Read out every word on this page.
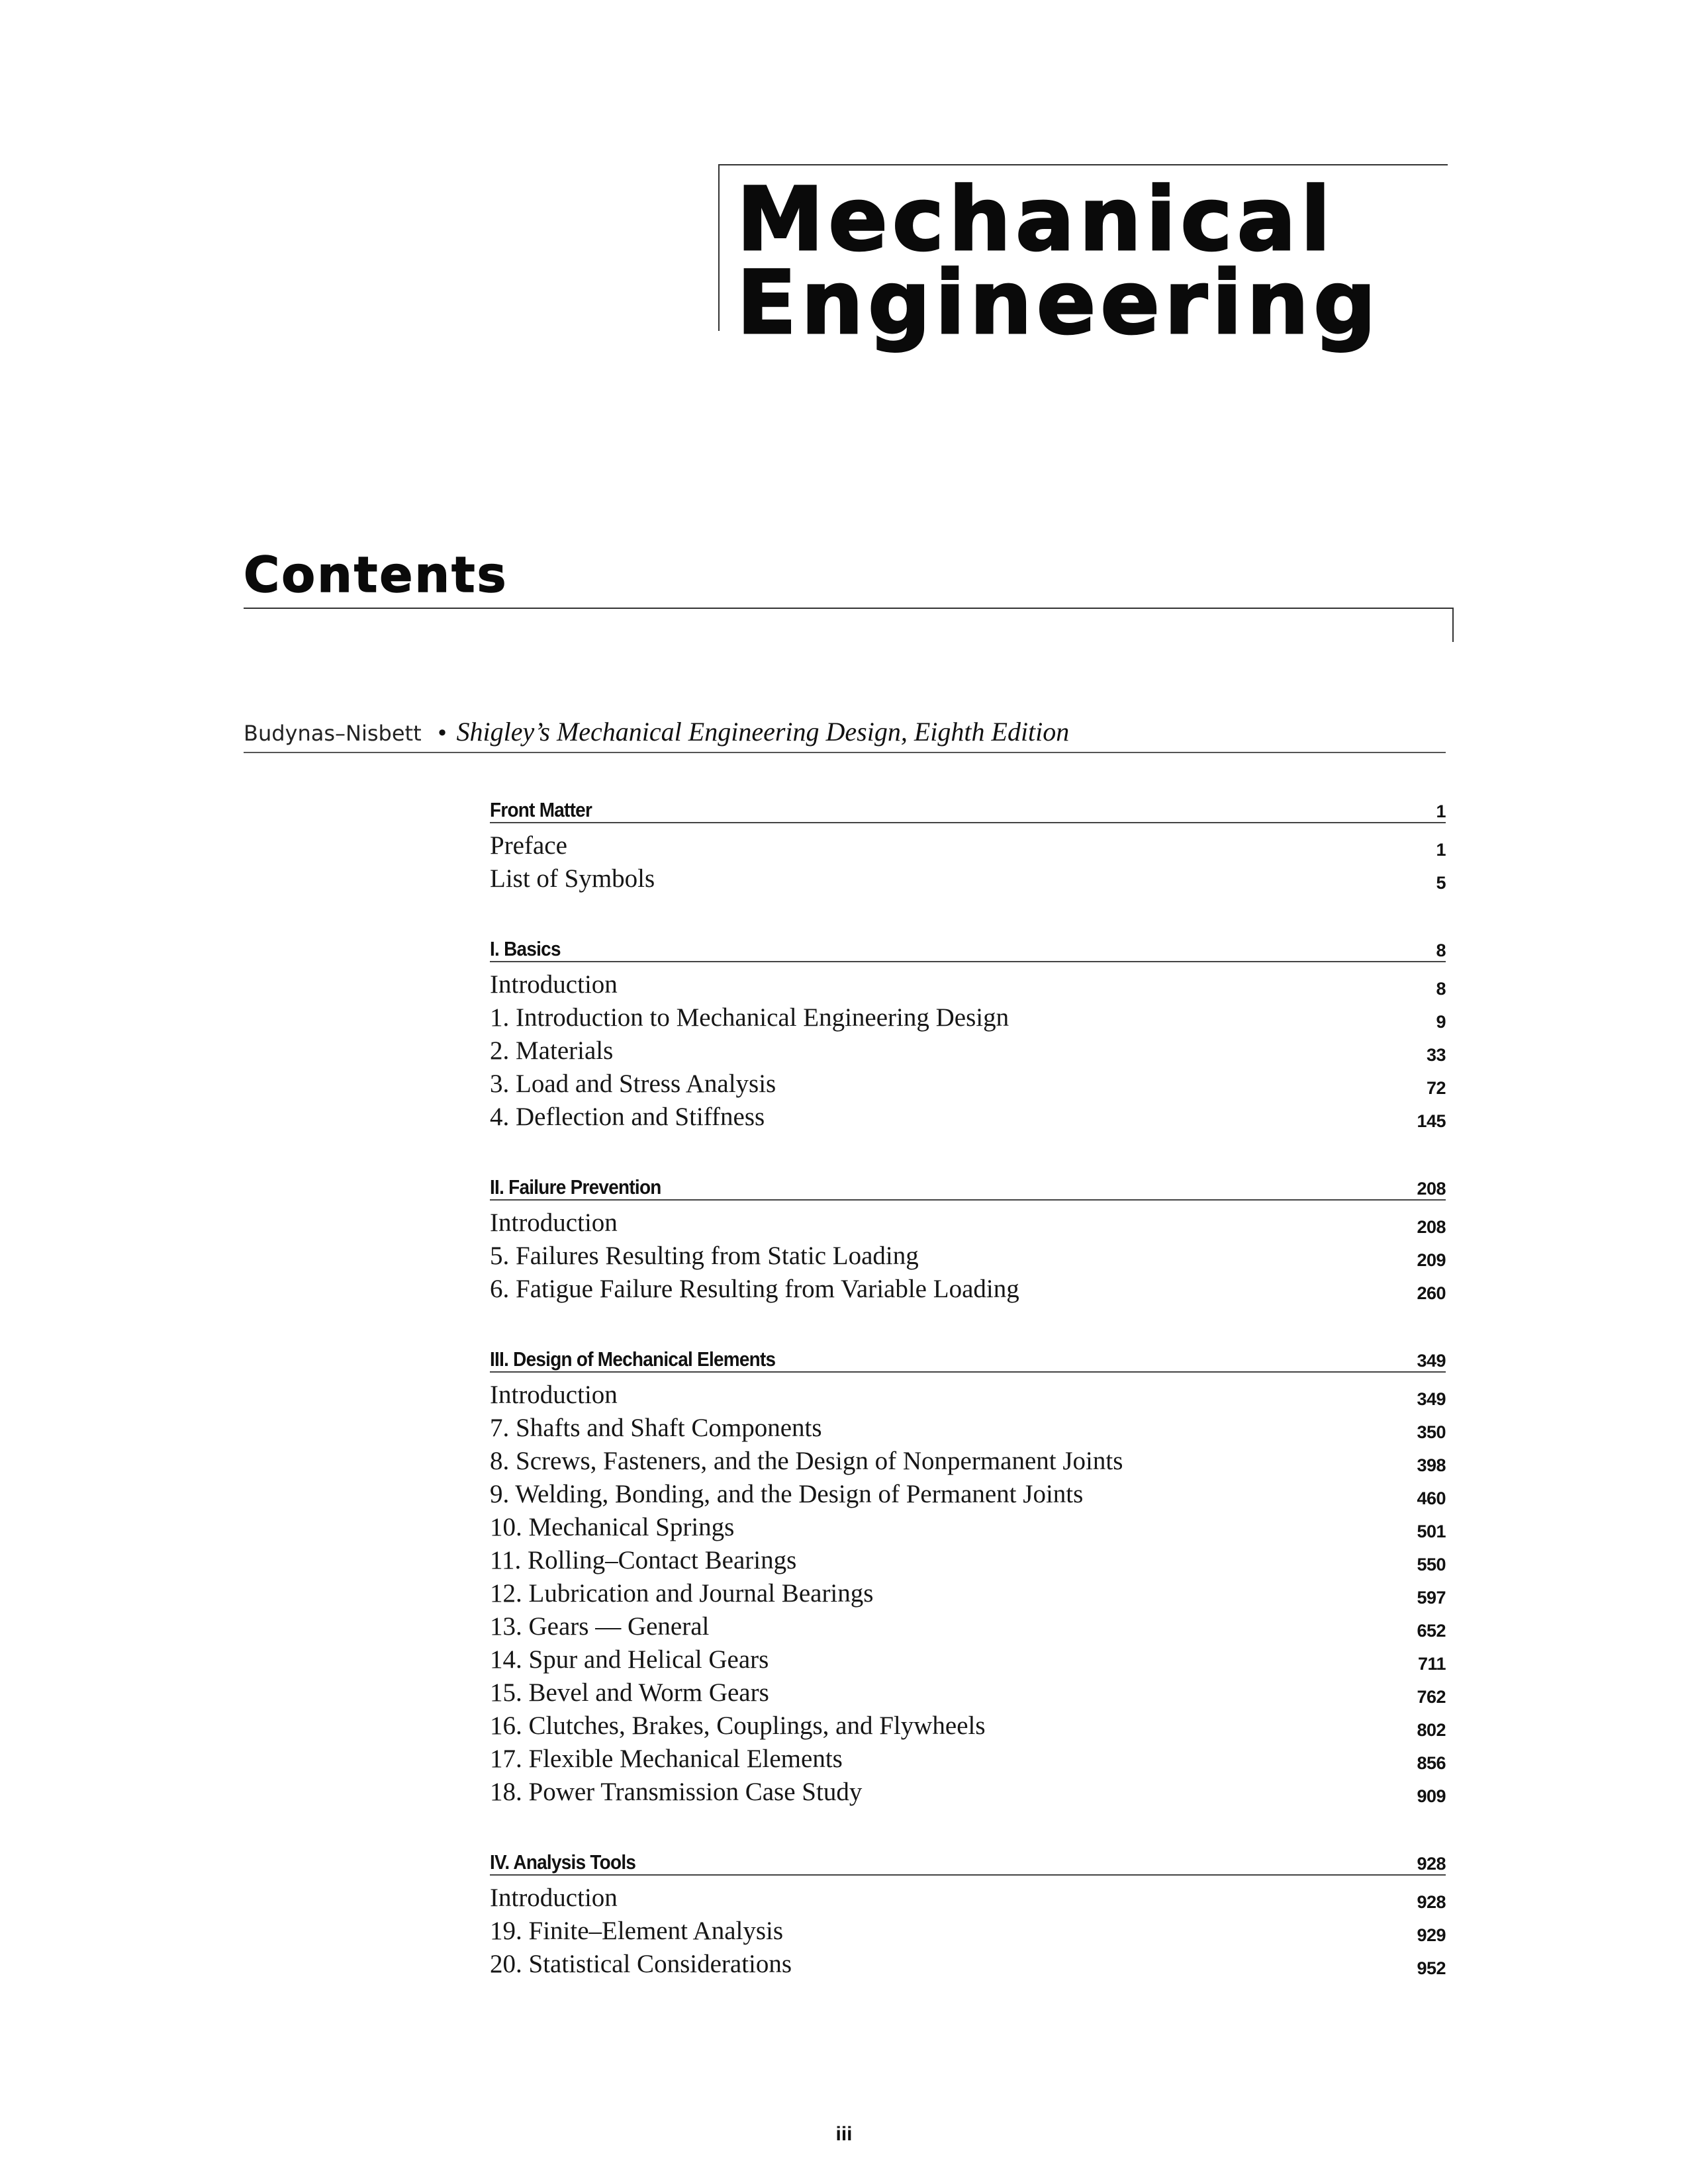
Mechanical
Engineering
Contents
Budynas–Nisbett • Shigley’s Mechanical Engineering Design, Eighth Edition
Front Matter	1
Preface	1
List of Symbols	5
I. Basics	8
Introduction	8
1. Introduction to Mechanical Engineering Design	9
2. Materials	33
3. Load and Stress Analysis	72
4. Deflection and Stiffness	145
II. Failure Prevention	208
Introduction	208
5. Failures Resulting from Static Loading	209
6. Fatigue Failure Resulting from Variable Loading	260
III. Design of Mechanical Elements	349
Introduction	349
7. Shafts and Shaft Components	350
8. Screws, Fasteners, and the Design of Nonpermanent Joints	398
9. Welding, Bonding, and the Design of Permanent Joints	460
10. Mechanical Springs	501
11. Rolling–Contact Bearings	550
12. Lubrication and Journal Bearings	597
13. Gears — General	652
14. Spur and Helical Gears	711
15. Bevel and Worm Gears	762
16. Clutches, Brakes, Couplings, and Flywheels	802
17. Flexible Mechanical Elements	856
18. Power Transmission Case Study	909
IV. Analysis Tools	928
Introduction	928
19. Finite–Element Analysis	929
20. Statistical Considerations	952
iii
